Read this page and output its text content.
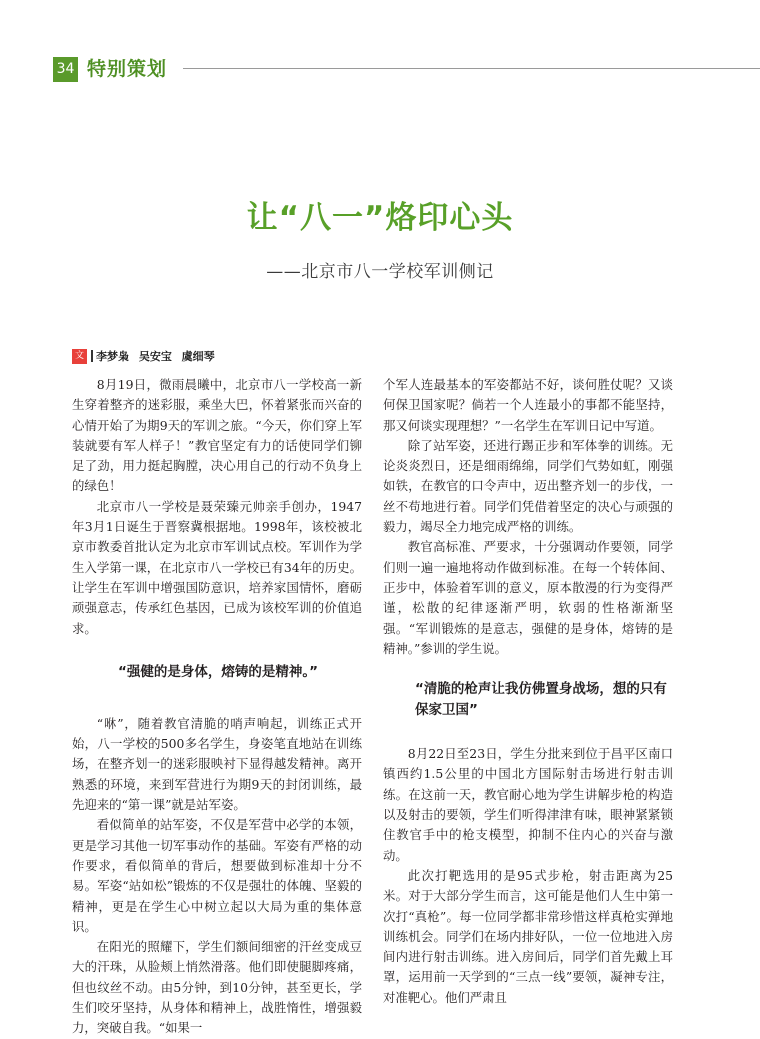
34 特别策划
让“八一”烙印心头
——北京市八一学校军训侧记
文 李梦枭 吴安宝 虞细琴

8月19日，微雨晨曦中，北京市八一学校高一新生穿着整齐的迷彩服，乘坐大巴，怀着紧张而兴奋的心情开始了为期9天的军训之旅。“今天，你们穿上军装就要有军人样子！”教官坚定有力的话使同学们铆足了劲，用力挺起胸膛，决心用自己的行动不负身上的绿色！

北京市八一学校是聂荣臻元帅亲手创办，1947年3月1日诞生于晋察冀根据地。1998年，该校被北京市教委首批认定为北京市军训试点校。军训作为学生入学第一课，在北京市八一学校已有34年的历史。让学生在军训中增强国防意识，培养家国情怀，磨砺顽强意志，传承红色基因，已成为该校军训的价值追求。

“强健的是身体，熔铸的是精神。”

“咻”，随着教官清脆的哨声响起，训练正式开始，八一学校的500多名学生，身姿笔直地站在训练场，在整齐划一的迷彩服映衬下显得越发精神。离开熟悉的环境，来到军营进行为期9天的封闭训练，最先迎来的“第一课”就是站军姿。

看似简单的站军姿，不仅是军营中必学的本领，更是学习其他一切军事动作的基础。军姿有严格的动作要求，看似简单的背后，想要做到标准却十分不易。军姿“站如松”锻炼的不仅是强壮的体魄、坚毅的精神，更是在学生心中树立起以大局为重的集体意识。

在阳光的照耀下，学生们额间细密的汗丝变成豆大的汗珠，从脸颊上悄然滑落。他们即使腿脚疼痛，但也纹丝不动。由5分钟，到10分钟，甚至更长，学生们咬牙坚持，从身体和精神上，战胜惰性，增强毅力，突破自我。“如果一

个军人连最基本的军姿都站不好，谈何胜仗呢？又谈何保卫国家呢？倘若一个人连最小的事都不能坚持，那又何谈实现理想？”一名学生在军训日记中写道。

除了站军姿，还进行踢正步和军体拳的训练。无论炎炎烈日，还是细雨绵绵，同学们气势如虹，刚强如铁，在教官的口令声中，迈出整齐划一的步伐，一丝不苟地进行着。同学们凭借着坚定的决心与顽强的毅力，竭尽全力地完成严格的训练。

教官高标准、严要求，十分强调动作要领，同学们则一遍一遍地将动作做到标准。在每一个转体间、正步中，体验着军训的意义，原本散漫的行为变得严谨，松散的纪律逐渐严明，软弱的性格渐渐坚强。“军训锻炼的是意志，强健的是身体，熔铸的是精神。”参训的学生说。

“清脆的枪声让我仿佛置身战场，想的只有保家卫国”

8月22日至23日，学生分批来到位于昌平区南口镇西约1.5公里的中国北方国际射击场进行射击训练。在这前一天，教官耐心地为学生讲解步枪的构造以及射击的要领，学生们听得津津有味，眼神紧紧锁住教官手中的枪支模型，抑制不住内心的兴奋与激动。

此次打靶选用的是95式步枪，射击距离为25米。对于大部分学生而言，这可能是他们人生中第一次打“真枪”。每一位同学都非常珍惜这样真枪实弹地训练机会。同学们在场内排好队，一位一位地进入房间内进行射击训练。进入房间后，同学们首先戴上耳罩，运用前一天学到的“三点一线”要领，凝神专注，对准靶心。他们严肃且
